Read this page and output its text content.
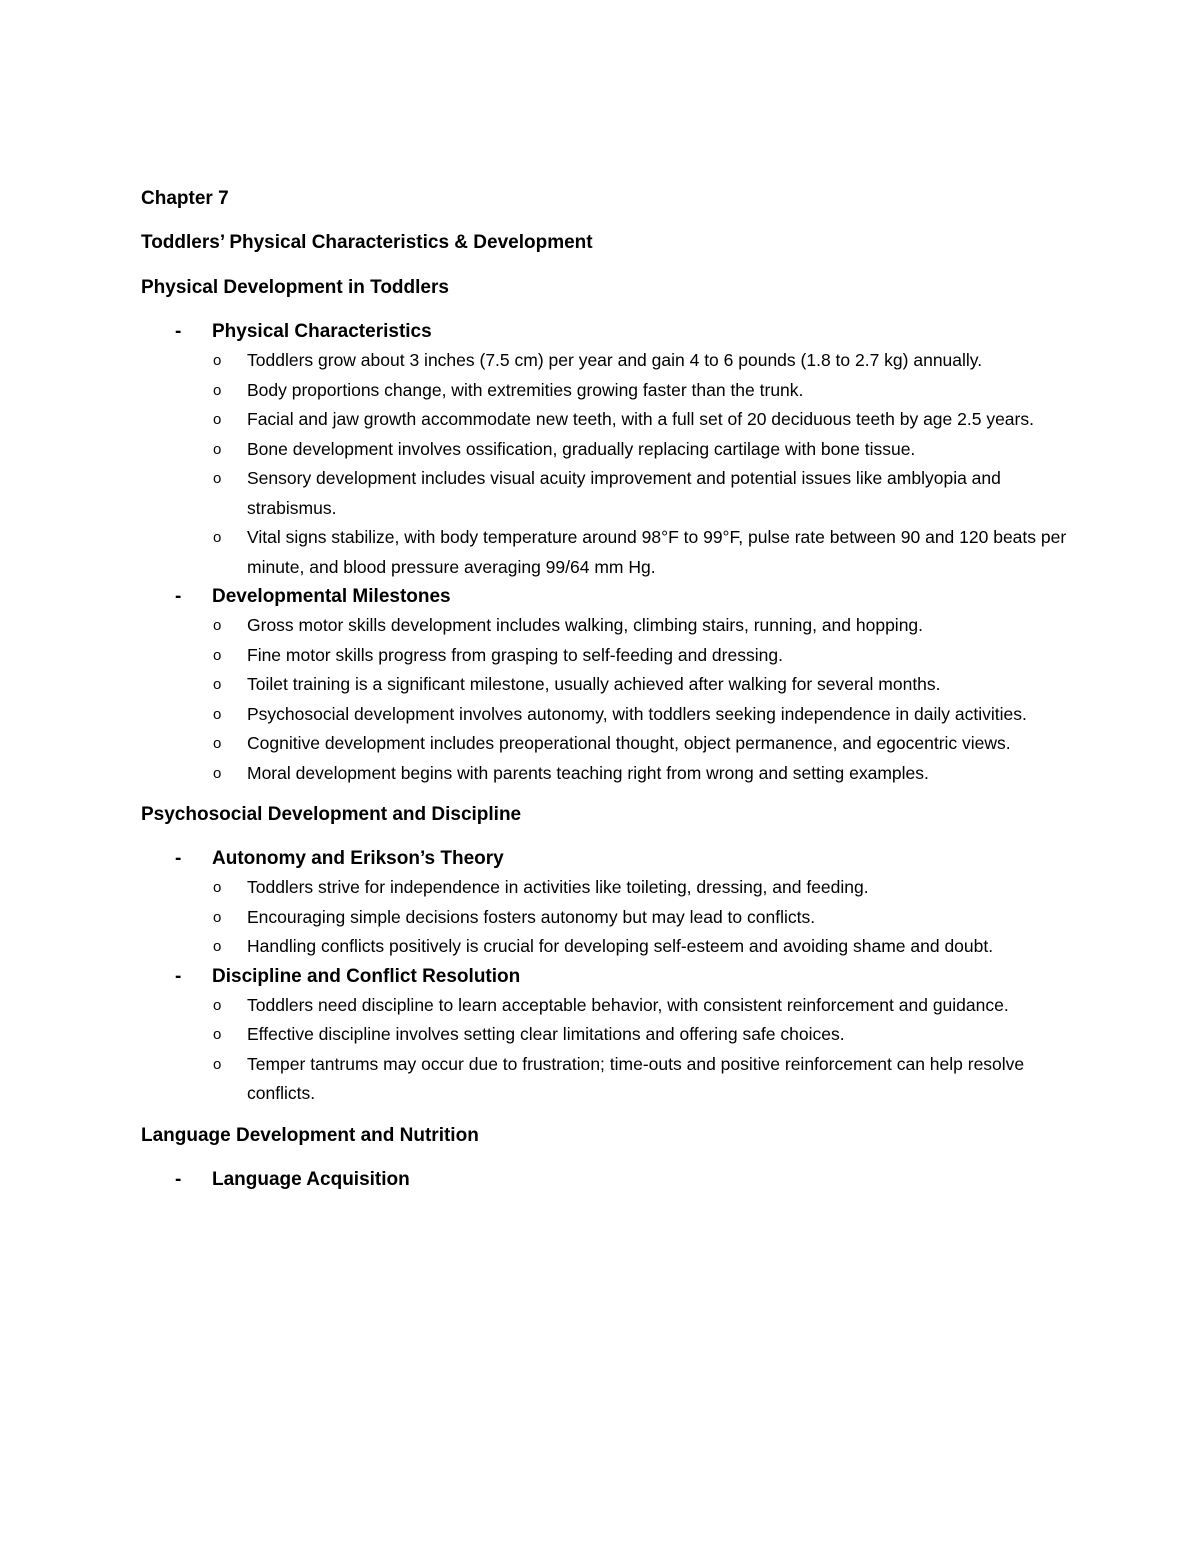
Chapter 7
Toddlers’ Physical Characteristics & Development
Physical Development in Toddlers
- Physical Characteristics
o Toddlers grow about 3 inches (7.5 cm) per year and gain 4 to 6 pounds (1.8 to 2.7 kg) annually.
o Body proportions change, with extremities growing faster than the trunk.
o Facial and jaw growth accommodate new teeth, with a full set of 20 deciduous teeth by age 2.5 years.
o Bone development involves ossification, gradually replacing cartilage with bone tissue.
o Sensory development includes visual acuity improvement and potential issues like amblyopia and strabismus.
o Vital signs stabilize, with body temperature around 98°F to 99°F, pulse rate between 90 and 120 beats per minute, and blood pressure averaging 99/64 mm Hg.
- Developmental Milestones
o Gross motor skills development includes walking, climbing stairs, running, and hopping.
o Fine motor skills progress from grasping to self-feeding and dressing.
o Toilet training is a significant milestone, usually achieved after walking for several months.
o Psychosocial development involves autonomy, with toddlers seeking independence in daily activities.
o Cognitive development includes preoperational thought, object permanence, and egocentric views.
o Moral development begins with parents teaching right from wrong and setting examples.
Psychosocial Development and Discipline
- Autonomy and Erikson’s Theory
o Toddlers strive for independence in activities like toileting, dressing, and feeding.
o Encouraging simple decisions fosters autonomy but may lead to conflicts.
o Handling conflicts positively is crucial for developing self-esteem and avoiding shame and doubt.
- Discipline and Conflict Resolution
o Toddlers need discipline to learn acceptable behavior, with consistent reinforcement and guidance.
o Effective discipline involves setting clear limitations and offering safe choices.
o Temper tantrums may occur due to frustration; time-outs and positive reinforcement can help resolve conflicts.
Language Development and Nutrition
- Language Acquisition
